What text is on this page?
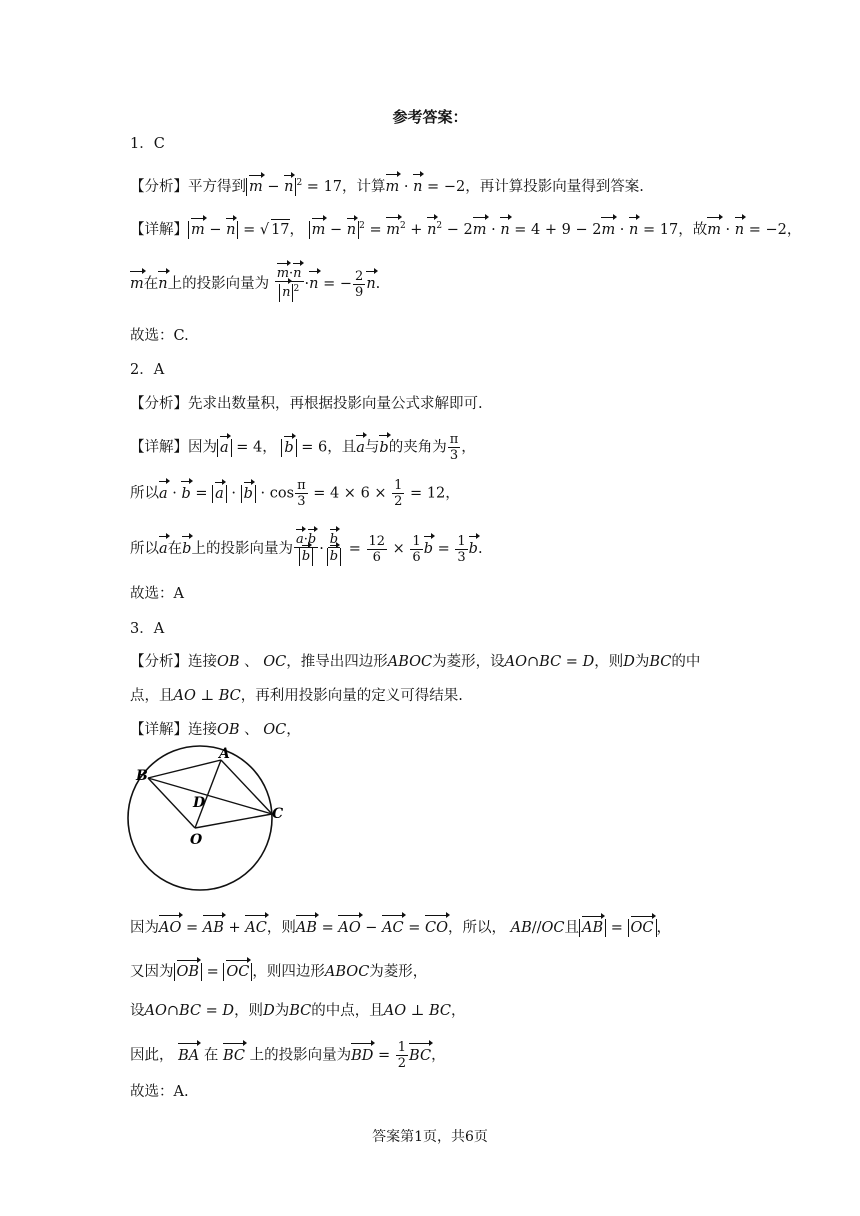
参考答案：
1．C
【分析】平方得到 m − n $^2$ = 17，计算m · n = −2，再计算投影向量得到答案.
【详解】 m − n = √ 17， m − n $^2 = m^2 + n^2 - 2m \cdot n = 4 + 9 - 2m \cdot n = 17$，故m · n = −2，
m在n上的投影向量为 $\frac{m\cdot n}{n ^2} \cdot n$ = − $\frac{2}{9} n$.
故选：C.
2．A
【分析】先求出数量积，再根据投影向量公式求解即可.
【详解】因为 a = 4， b = 6，且a与b的夹角为 $\frac{\pi}{3}$ ，
所以$a \cdot b = a \cdot b \cdot \cos \frac{\pi}{3} = 4 \times 6 \times \frac{1}{2} = 12$，
所以a在b上的投影向量为 $\frac{a\cdot b}{b} \cdot \frac{b}{b} = \frac{12}{6} \times \frac{1}{6}$ $b = \frac{1}{3} b$.
故选：A
3．A
【分析】连接OB 、 OC，推导出四边形ABOC为菱形，设AO∩BC = D，则D为BC的中
点，且AO ⊥ BC，再利用投影向量的定义可得结果.
【详解】连接OB 、 OC，
A
B
C
D
O
因为AO = AB + AC，则AB = AO − AC = CO，所以， AB//OC且 AB = OC ，
又因为 OB = OC ，则四边形ABOC为菱形，
设AO∩BC = D，则D为BC的中点，且AO ⊥ BC，
因此， BA 在 BC 上的投影向量为BD = $\frac{1}{2}$ BC，
故选：A.
答案第1页，共6页
